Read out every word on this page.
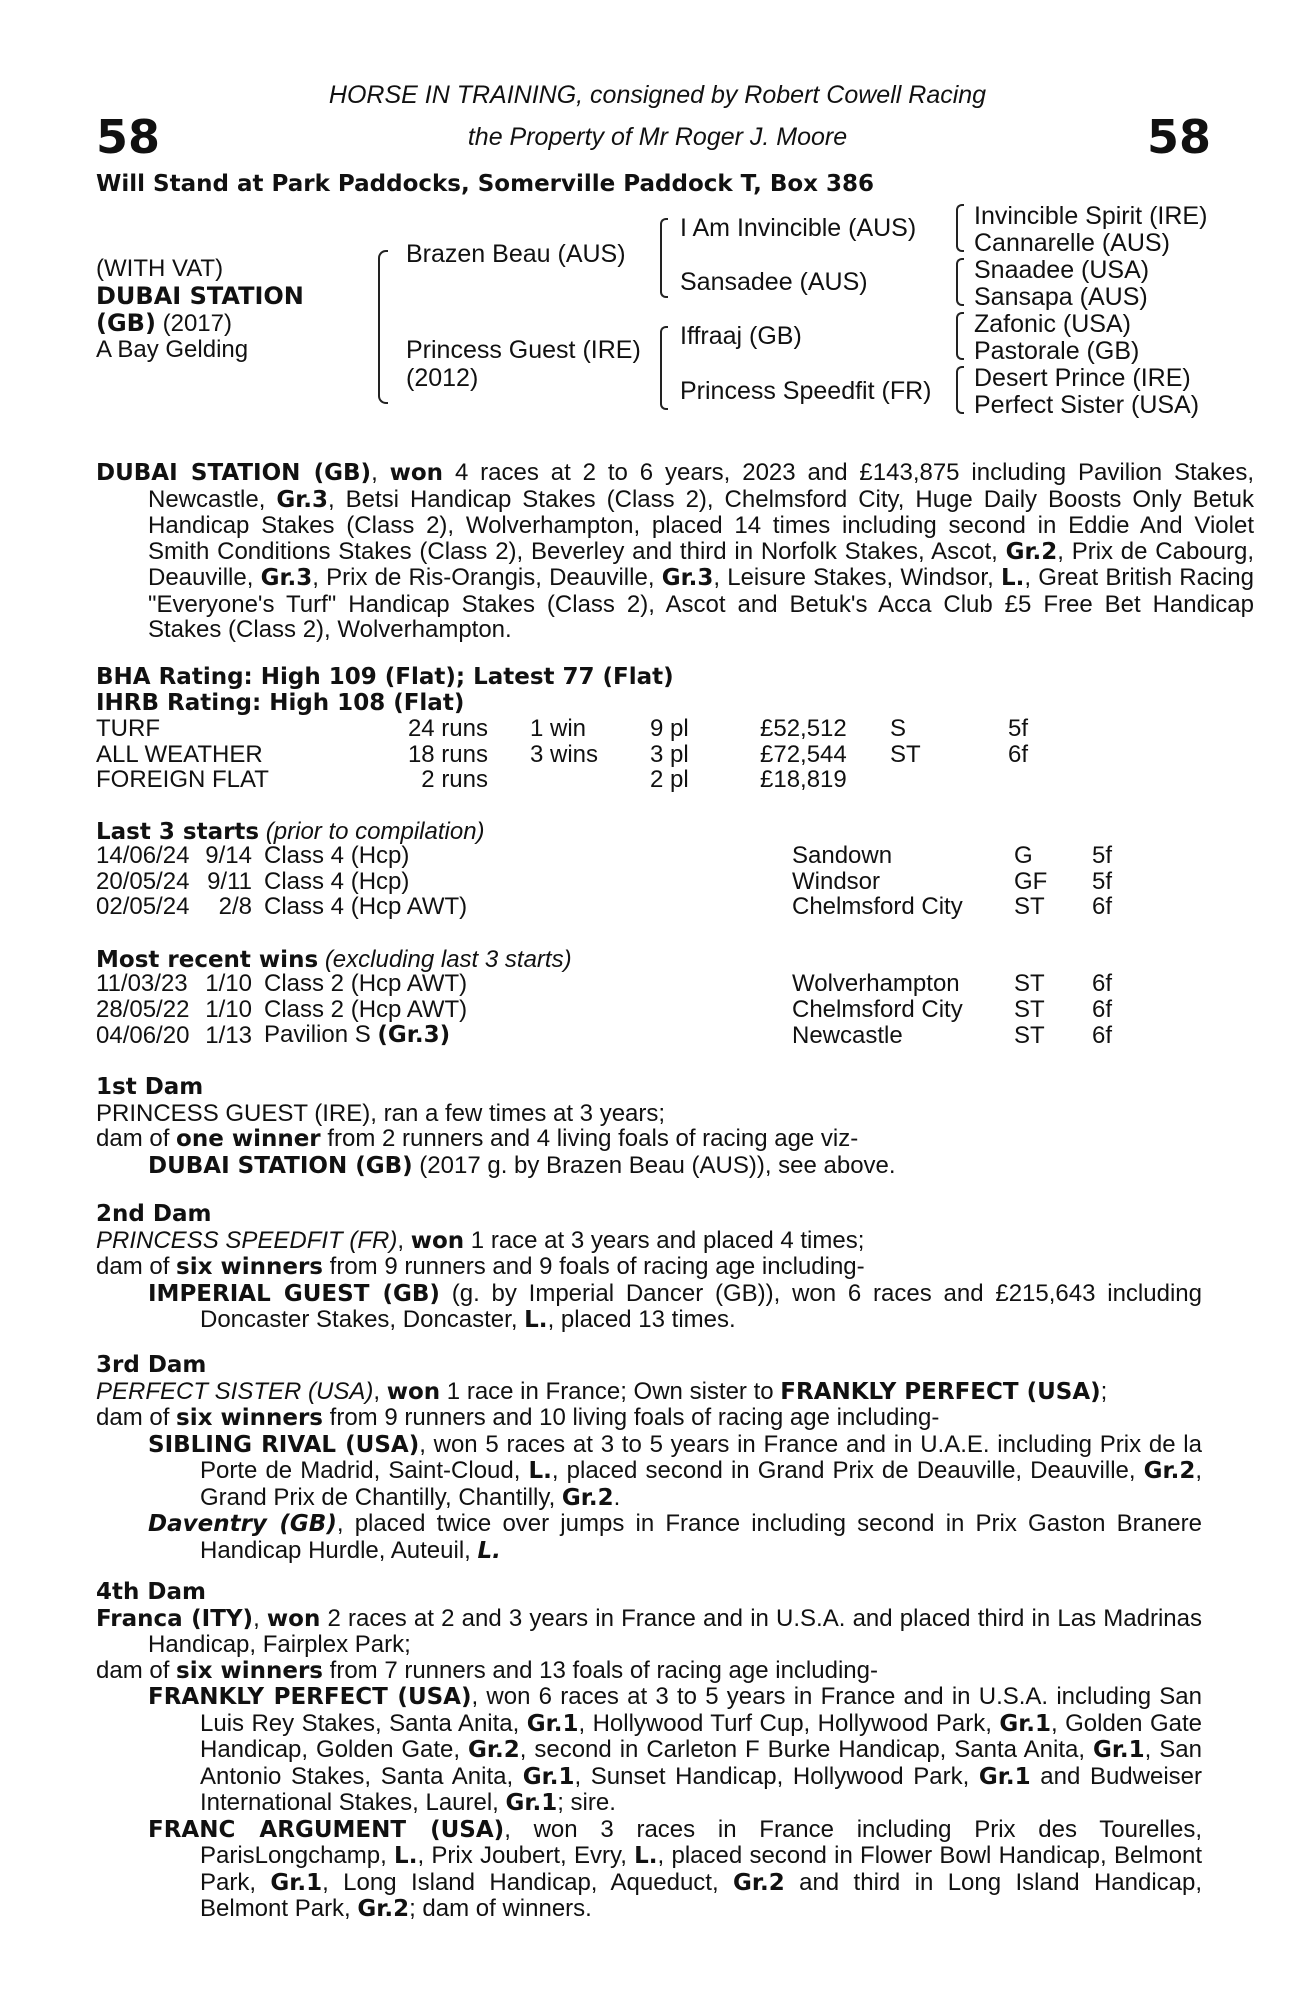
58	58
HORSE IN TRAINING, consigned by Robert Cowell Racing
the Property of Mr Roger J. Moore
Will Stand at Park Paddocks, Somerville Paddock T, Box 386
(WITH VAT)
DUBAI STATION
(GB) (2017)
A Bay Gelding
Brazen Beau (AUS)
Princess Guest (IRE)
(2012)
I Am Invincible (AUS)
Sansadee (AUS)
Iffraaj (GB)
Princess Speedfit (FR)
Invincible Spirit (IRE)
Cannarelle (AUS)
Snaadee (USA)
Sansapa (AUS)
Zafonic (USA)
Pastorale (GB)
Desert Prince (IRE)
Perfect Sister (USA)
DUBAI STATION (GB), won 4 races at 2 to 6 years, 2023 and £143,875 including Pavilion Stakes, Newcastle, Gr.3, Betsi Handicap Stakes (Class 2), Chelmsford City, Huge Daily Boosts Only Betuk Handicap Stakes (Class 2), Wolverhampton, placed 14 times including second in Eddie And Violet Smith Conditions Stakes (Class 2), Beverley and third in Norfolk Stakes, Ascot, Gr.2, Prix de Cabourg, Deauville, Gr.3, Prix de Ris-Orangis, Deauville, Gr.3, Leisure Stakes, Windsor, L., Great British Racing "Everyone's Turf" Handicap Stakes (Class 2), Ascot and Betuk's Acca Club £5 Free Bet Handicap Stakes (Class 2), Wolverhampton.
BHA Rating: High 109 (Flat); Latest 77 (Flat)
IHRB Rating: High 108 (Flat)
TURF	24 runs	1 win	9 pl	£52,512	S	5f
ALL WEATHER	18 runs	3 wins	3 pl	£72,544	ST	6f
FOREIGN FLAT	2 runs		2 pl	£18,819		
Last 3 starts (prior to compilation)
14/06/24	9/14	Class 4 (Hcp)	Sandown	G	5f
20/05/24	9/11	Class 4 (Hcp)	Windsor	GF	5f
02/05/24	2/8	Class 4 (Hcp AWT)	Chelmsford City	ST	6f
Most recent wins (excluding last 3 starts)
11/03/23	1/10	Class 2 (Hcp AWT)	Wolverhampton	ST	6f
28/05/22	1/10	Class 2 (Hcp AWT)	Chelmsford City	ST	6f
04/06/20	1/13	Pavilion S (Gr.3)	Newcastle	ST	6f
1st Dam
PRINCESS GUEST (IRE), ran a few times at 3 years;
dam of one winner from 2 runners and 4 living foals of racing age viz-
DUBAI STATION (GB) (2017 g. by Brazen Beau (AUS)), see above.
2nd Dam
PRINCESS SPEEDFIT (FR), won 1 race at 3 years and placed 4 times;
dam of six winners from 9 runners and 9 foals of racing age including-
IMPERIAL GUEST (GB) (g. by Imperial Dancer (GB)), won 6 races and £215,643 including Doncaster Stakes, Doncaster, L., placed 13 times.
3rd Dam
PERFECT SISTER (USA), won 1 race in France; Own sister to FRANKLY PERFECT (USA);
dam of six winners from 9 runners and 10 living foals of racing age including-
SIBLING RIVAL (USA), won 5 races at 3 to 5 years in France and in U.A.E. including Prix de la Porte de Madrid, Saint-Cloud, L., placed second in Grand Prix de Deauville, Deauville, Gr.2, Grand Prix de Chantilly, Chantilly, Gr.2.
Daventry (GB), placed twice over jumps in France including second in Prix Gaston Branere Handicap Hurdle, Auteuil, L.
4th Dam
Franca (ITY), won 2 races at 2 and 3 years in France and in U.S.A. and placed third in Las Madrinas Handicap, Fairplex Park;
dam of six winners from 7 runners and 13 foals of racing age including-
FRANKLY PERFECT (USA), won 6 races at 3 to 5 years in France and in U.S.A. including San Luis Rey Stakes, Santa Anita, Gr.1, Hollywood Turf Cup, Hollywood Park, Gr.1, Golden Gate Handicap, Golden Gate, Gr.2, second in Carleton F Burke Handicap, Santa Anita, Gr.1, San Antonio Stakes, Santa Anita, Gr.1, Sunset Handicap, Hollywood Park, Gr.1 and Budweiser International Stakes, Laurel, Gr.1; sire.
FRANC ARGUMENT (USA), won 3 races in France including Prix des Tourelles, ParisLongchamp, L., Prix Joubert, Evry, L., placed second in Flower Bowl Handicap, Belmont Park, Gr.1, Long Island Handicap, Aqueduct, Gr.2 and third in Long Island Handicap, Belmont Park, Gr.2; dam of winners.
